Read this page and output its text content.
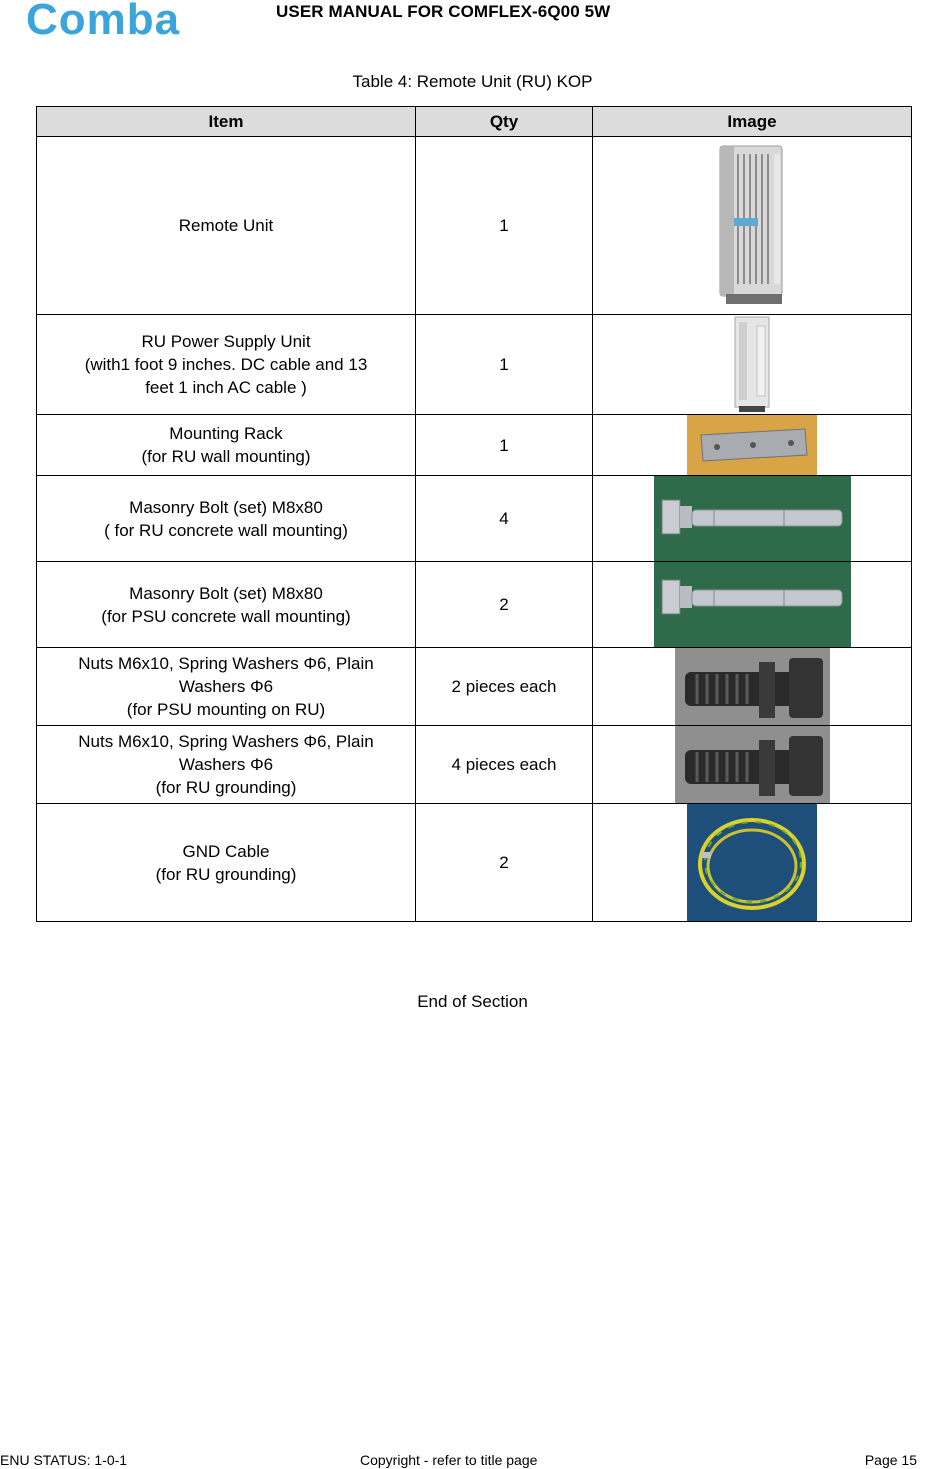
Comba	USER MANUAL FOR COMFLEX-6Q00 5W
Table 4: Remote Unit (RU) KOP
Item	Qty	Image
Remote Unit	1	

RU Power Supply Unit
(with1 foot 9 inches. DC cable and 13
feet 1 inch AC cable )	1	

Mounting Rack
(for RU wall mounting)	1	

Masonry Bolt (set) M8x80
( for RU concrete wall mounting)	4	

Masonry Bolt (set) M8x80
(for PSU concrete wall mounting)	2	

Nuts M6x10, Spring Washers Φ6, Plain
Washers Φ6
(for PSU mounting on RU)	2 pieces each	

Nuts M6x10, Spring Washers Φ6, Plain
Washers Φ6
(for RU grounding)	4 pieces each	

GND Cable
(for RU grounding)	2	
End of Section
ENU STATUS: 1-0-1	Copyright - refer to title page	Page 15
